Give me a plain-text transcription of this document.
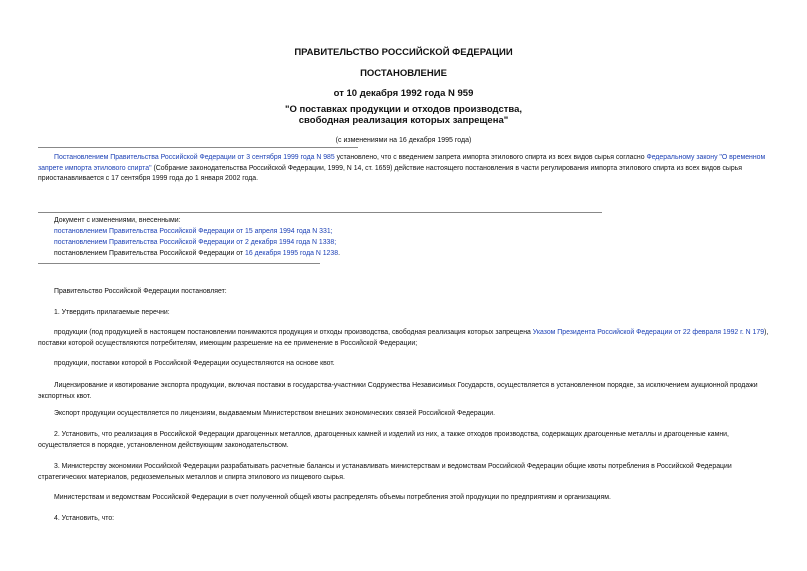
ПРАВИТЕЛЬСТВО РОССИЙСКОЙ ФЕДЕРАЦИИ
ПОСТАНОВЛЕНИЕ
от 10 декабря 1992 года N 959
"О поставках продукции и отходов производства,
свободная реализация которых запрещена"
(с изменениями на 16 декабря 1995 года)

Постановлением Правительства Российской Федерации от 3 сентября 1999 года N 985 установлено, что с введением запрета импорта этилового спирта из всех видов сырья согласно Федеральному закону "О временном запрете импорта этилового спирта" (Собрание законодательства Российской Федерации, 1999, N 14, ст. 1659) действие настоящего постановления в части регулирования импорта этилового спирта из всех видов сырья приостанавливается с 17 сентября 1999 года до 1 января 2002 года.

Документ с изменениями, внесенными:
постановлением Правительства Российской Федерации от 15 апреля 1994 года N 331;
постановлением Правительства Российской Федерации от 2 декабря 1994 года N 1338;
постановлением Правительства Российской Федерации от 16 декабря 1995 года N 1238.

Правительство Российской Федерации постановляет:

1. Утвердить прилагаемые перечни:

продукции (под продукцией в настоящем постановлении понимаются продукция и отходы производства, свободная реализация которых запрещена Указом Президента Российской Федерации от 22 февраля 1992 г. N 179), поставки которой осуществляются потребителям, имеющим разрешение на ее применение в Российской Федерации;

продукции, поставки которой в Российской Федерации осуществляются на основе квот.

Лицензирование и квотирование экспорта продукции, включая поставки в государства-участники Содружества Независимых Государств, осуществляется в установленном порядке, за исключением аукционной продажи экспортных квот.

Экспорт продукции осуществляется по лицензиям, выдаваемым Министерством внешних экономических связей Российской Федерации.

2. Установить, что реализация в Российской Федерации драгоценных металлов, драгоценных камней и изделий из них, а также отходов производства, содержащих драгоценные металлы и драгоценные камни, осуществляется в порядке, установленном действующим законодательством.

3. Министерству экономики Российской Федерации разрабатывать расчетные балансы и устанавливать министерствам и ведомствам Российской Федерации общие квоты потребления в Российской Федерации стратегических материалов, редкоземельных металлов и спирта этилового из пищевого сырья.

Министерствам и ведомствам Российской Федерации в счет полученной общей квоты распределять объемы потребления этой продукции по предприятиям и организациям.

4. Установить, что:
